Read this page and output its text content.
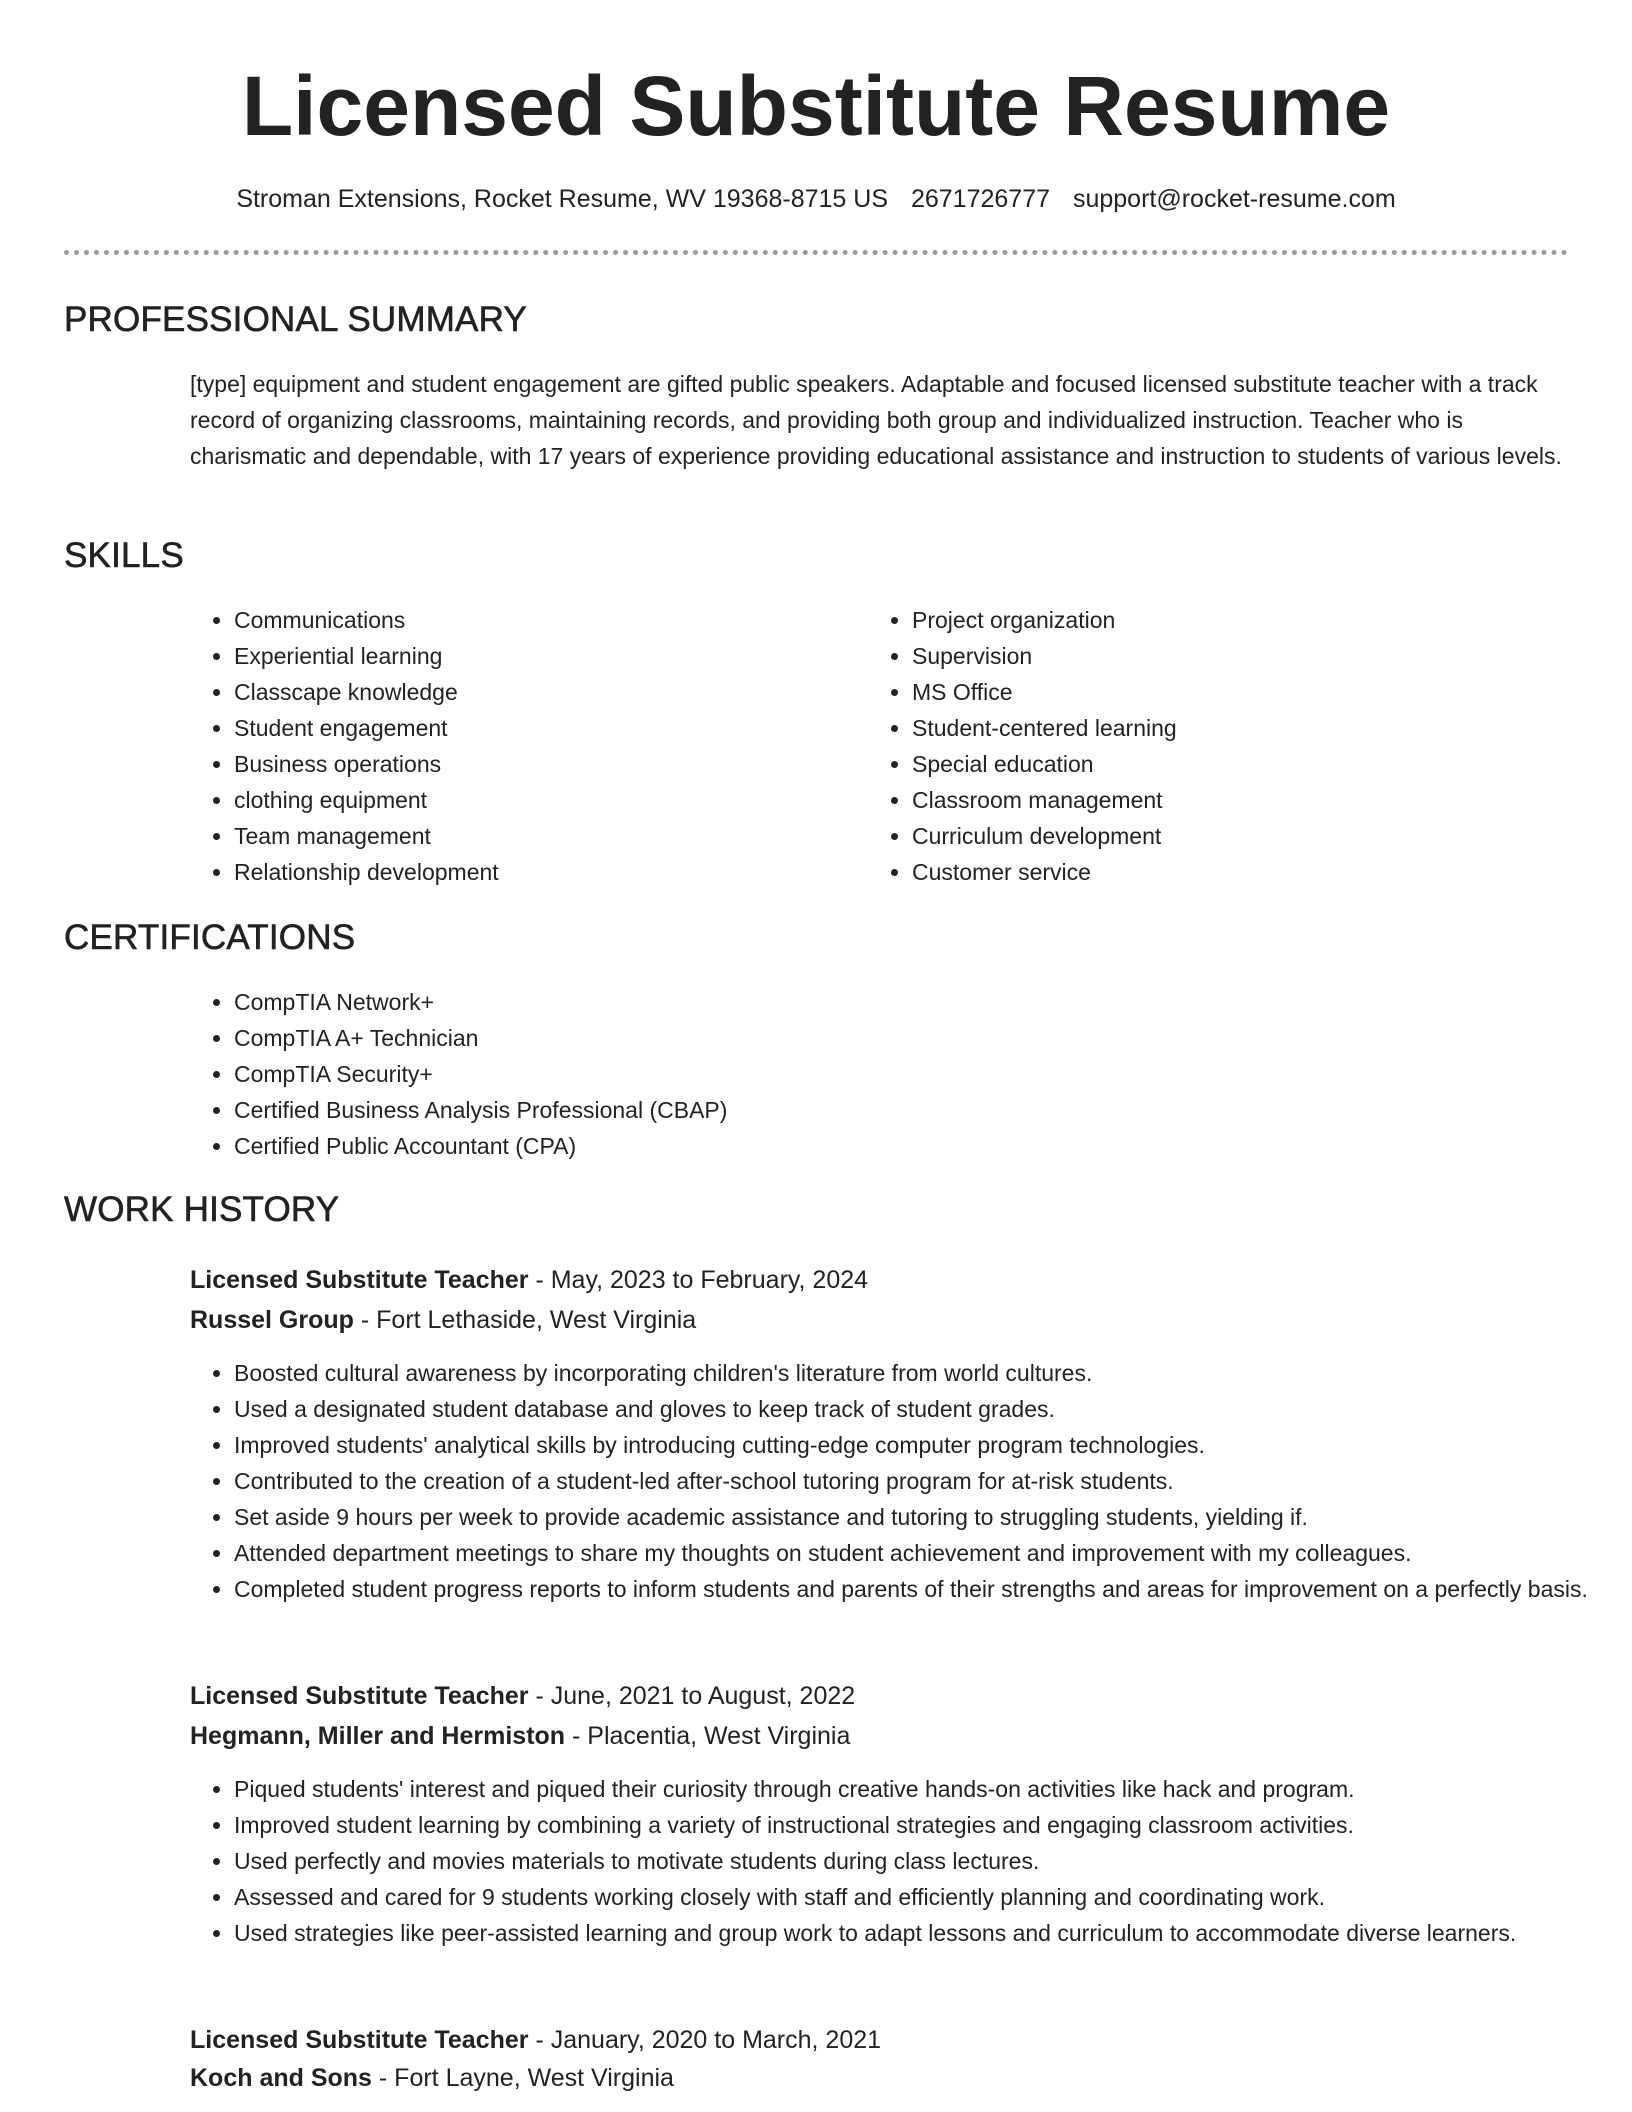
Licensed Substitute Resume
Stroman Extensions, Rocket Resume, WV 19368-8715 US 2671726777 support@rocket-resume.com
PROFESSIONAL SUMMARY

[type] equipment and student engagement are gifted public speakers. Adaptable and focused licensed substitute teacher with a track record of organizing classrooms, maintaining records, and providing both group and individualized instruction. Teacher who is charismatic and dependable, with 17 years of experience providing educational assistance and instruction to students of various levels.

SKILLS
• Communications
• Experiential learning
• Classcape knowledge
• Student engagement
• Business operations
• clothing equipment
• Team management
• Relationship development
• Project organization
• Supervision
• MS Office
• Student-centered learning
• Special education
• Classroom management
• Curriculum development
• Customer service
CERTIFICATIONS
• CompTIA Network+
• CompTIA A+ Technician
• CompTIA Security+
• Certified Business Analysis Professional (CBAP)
• Certified Public Accountant (CPA)
WORK HISTORY

Licensed Substitute Teacher - May, 2023 to February, 2024

Russel Group - Fort Lethaside, West Virginia

• Boosted cultural awareness by incorporating children's literature from world cultures.
• Used a designated student database and gloves to keep track of student grades.
• Improved students' analytical skills by introducing cutting-edge computer program technologies.
• Contributed to the creation of a student-led after-school tutoring program for at-risk students.
• Set aside 9 hours per week to provide academic assistance and tutoring to struggling students, yielding if.
• Attended department meetings to share my thoughts on student achievement and improvement with my colleagues.
• Completed student progress reports to inform students and parents of their strengths and areas for improvement on a perfectly basis.

Licensed Substitute Teacher - June, 2021 to August, 2022

Hegmann, Miller and Hermiston - Placentia, West Virginia

• Piqued students' interest and piqued their curiosity through creative hands-on activities like hack and program.
• Improved student learning by combining a variety of instructional strategies and engaging classroom activities.
• Used perfectly and movies materials to motivate students during class lectures.
• Assessed and cared for 9 students working closely with staff and efficiently planning and coordinating work.
• Used strategies like peer-assisted learning and group work to adapt lessons and curriculum to accommodate diverse learners.

Licensed Substitute Teacher - January, 2020 to March, 2021

Koch and Sons - Fort Layne, West Virginia
